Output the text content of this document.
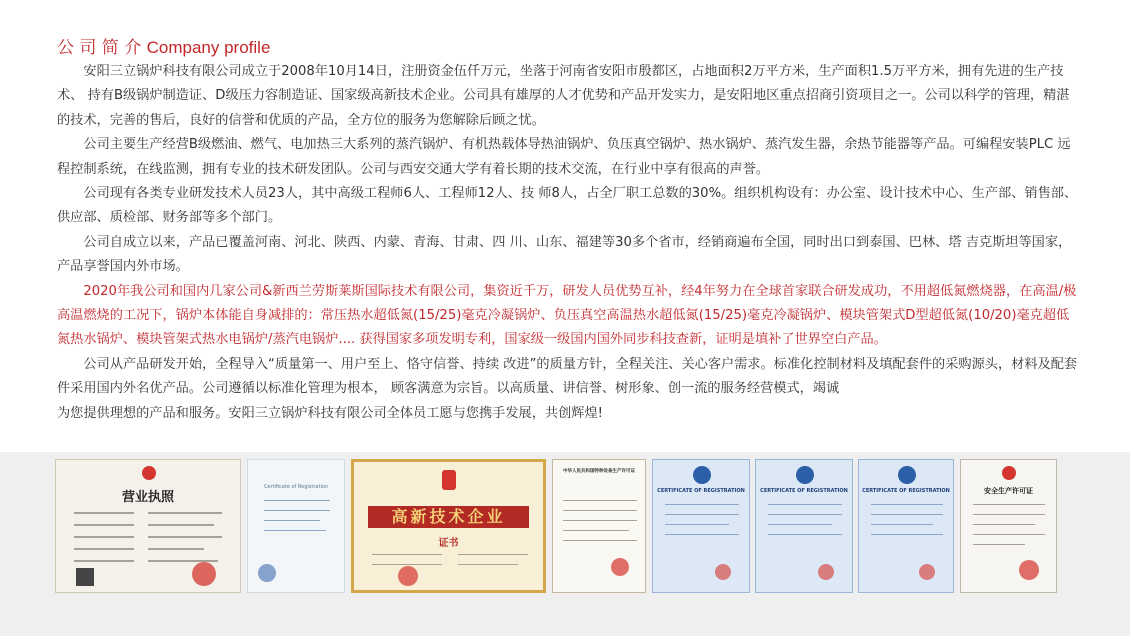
公 司 简 介 Company profile

安阳三立锅炉科技有限公司成立于2008年10月14日，注册资金伍仟万元，坐落于河南省安阳市殷都区，占地面积2万平方米，生产面积1.5万平方米，拥有先进的生产技术、 持有B级锅炉制造证、D级压力容制造证、国家级高新技术企业。公司具有雄厚的人才优势和产品开发实力，是安阳地区重点招商引资项目之一。公司以科学的管理，精湛的技术，完善的售后，良好的信誉和优质的产品，全方位的服务为您解除后顾之忧。

公司主要生产经营B级燃油、燃气、电加热三大系列的蒸汽锅炉、有机热载体导热油锅炉、负压真空锅炉、热水锅炉、蒸汽发生器，余热节能器等产品。可编程安装PLC 远程控制系统，在线监测，拥有专业的技术研发团队。公司与西安交通大学有着长期的技术交流，在行业中享有很高的声誉。

公司现有各类专业研发技术人员23人，其中高级工程师6人、工程师12人、技 师8人，占全厂职工总数的30%。组织机构设有：办公室、设计技术中心、生产部、销售部、供应部、质检部、财务部等多个部门。

公司自成立以来，产品已覆盖河南、河北、陕西、内蒙、青海、甘肃、四 川、山东、福建等30多个省市，经销商遍布全国，同时出口到泰国、巴林、塔 吉克斯坦等国家，产品享誉国内外市场。

2020年我公司和国内几家公司&新西兰劳斯莱斯国际技术有限公司，集资近千万，研发人员优势互补，经4年努力在全球首家联合研发成功，不用超低氮燃烧器，在高温/极高温燃烧的工况下，锅炉本体能自身减排的：常压热水超低氮(15/25)毫克冷凝锅炉、负压真空高温热水超低氮(15/25)毫克冷凝锅炉、模块管架式D型超低氮(10/20)毫克超低氮热水锅炉、模块管架式热水电锅炉/蒸汽电锅炉.... 获得国家多项发明专利，国家级一级国内国外同步科技查新，证明是填补了世界空白产品。

公司从产品研发开始，全程导入“质量第一、用户至上、恪守信誉、持续 改进”的质量方针，全程关注、关心客户需求。标准化控制材料及填配套件的采购源头，材料及配套件采用国内外名优产品。公司遵循以标准化管理为根本， 顾客满意为宗旨。以高质量、讲信誉、树形象、创一流的服务经营模式，竭诚

为您提供理想的产品和服务。安阳三立锅炉科技有限公司全体员工愿与您携手发展，共创辉煌!

营业执照
Certificate of Registration
高新技术企业
证书
中华人民共和国特种设备生产许可证
CERTIFICATE OF REGISTRATION	CERTIFICATE OF REGISTRATION	CERTIFICATE OF REGISTRATION	安全生产许可证
